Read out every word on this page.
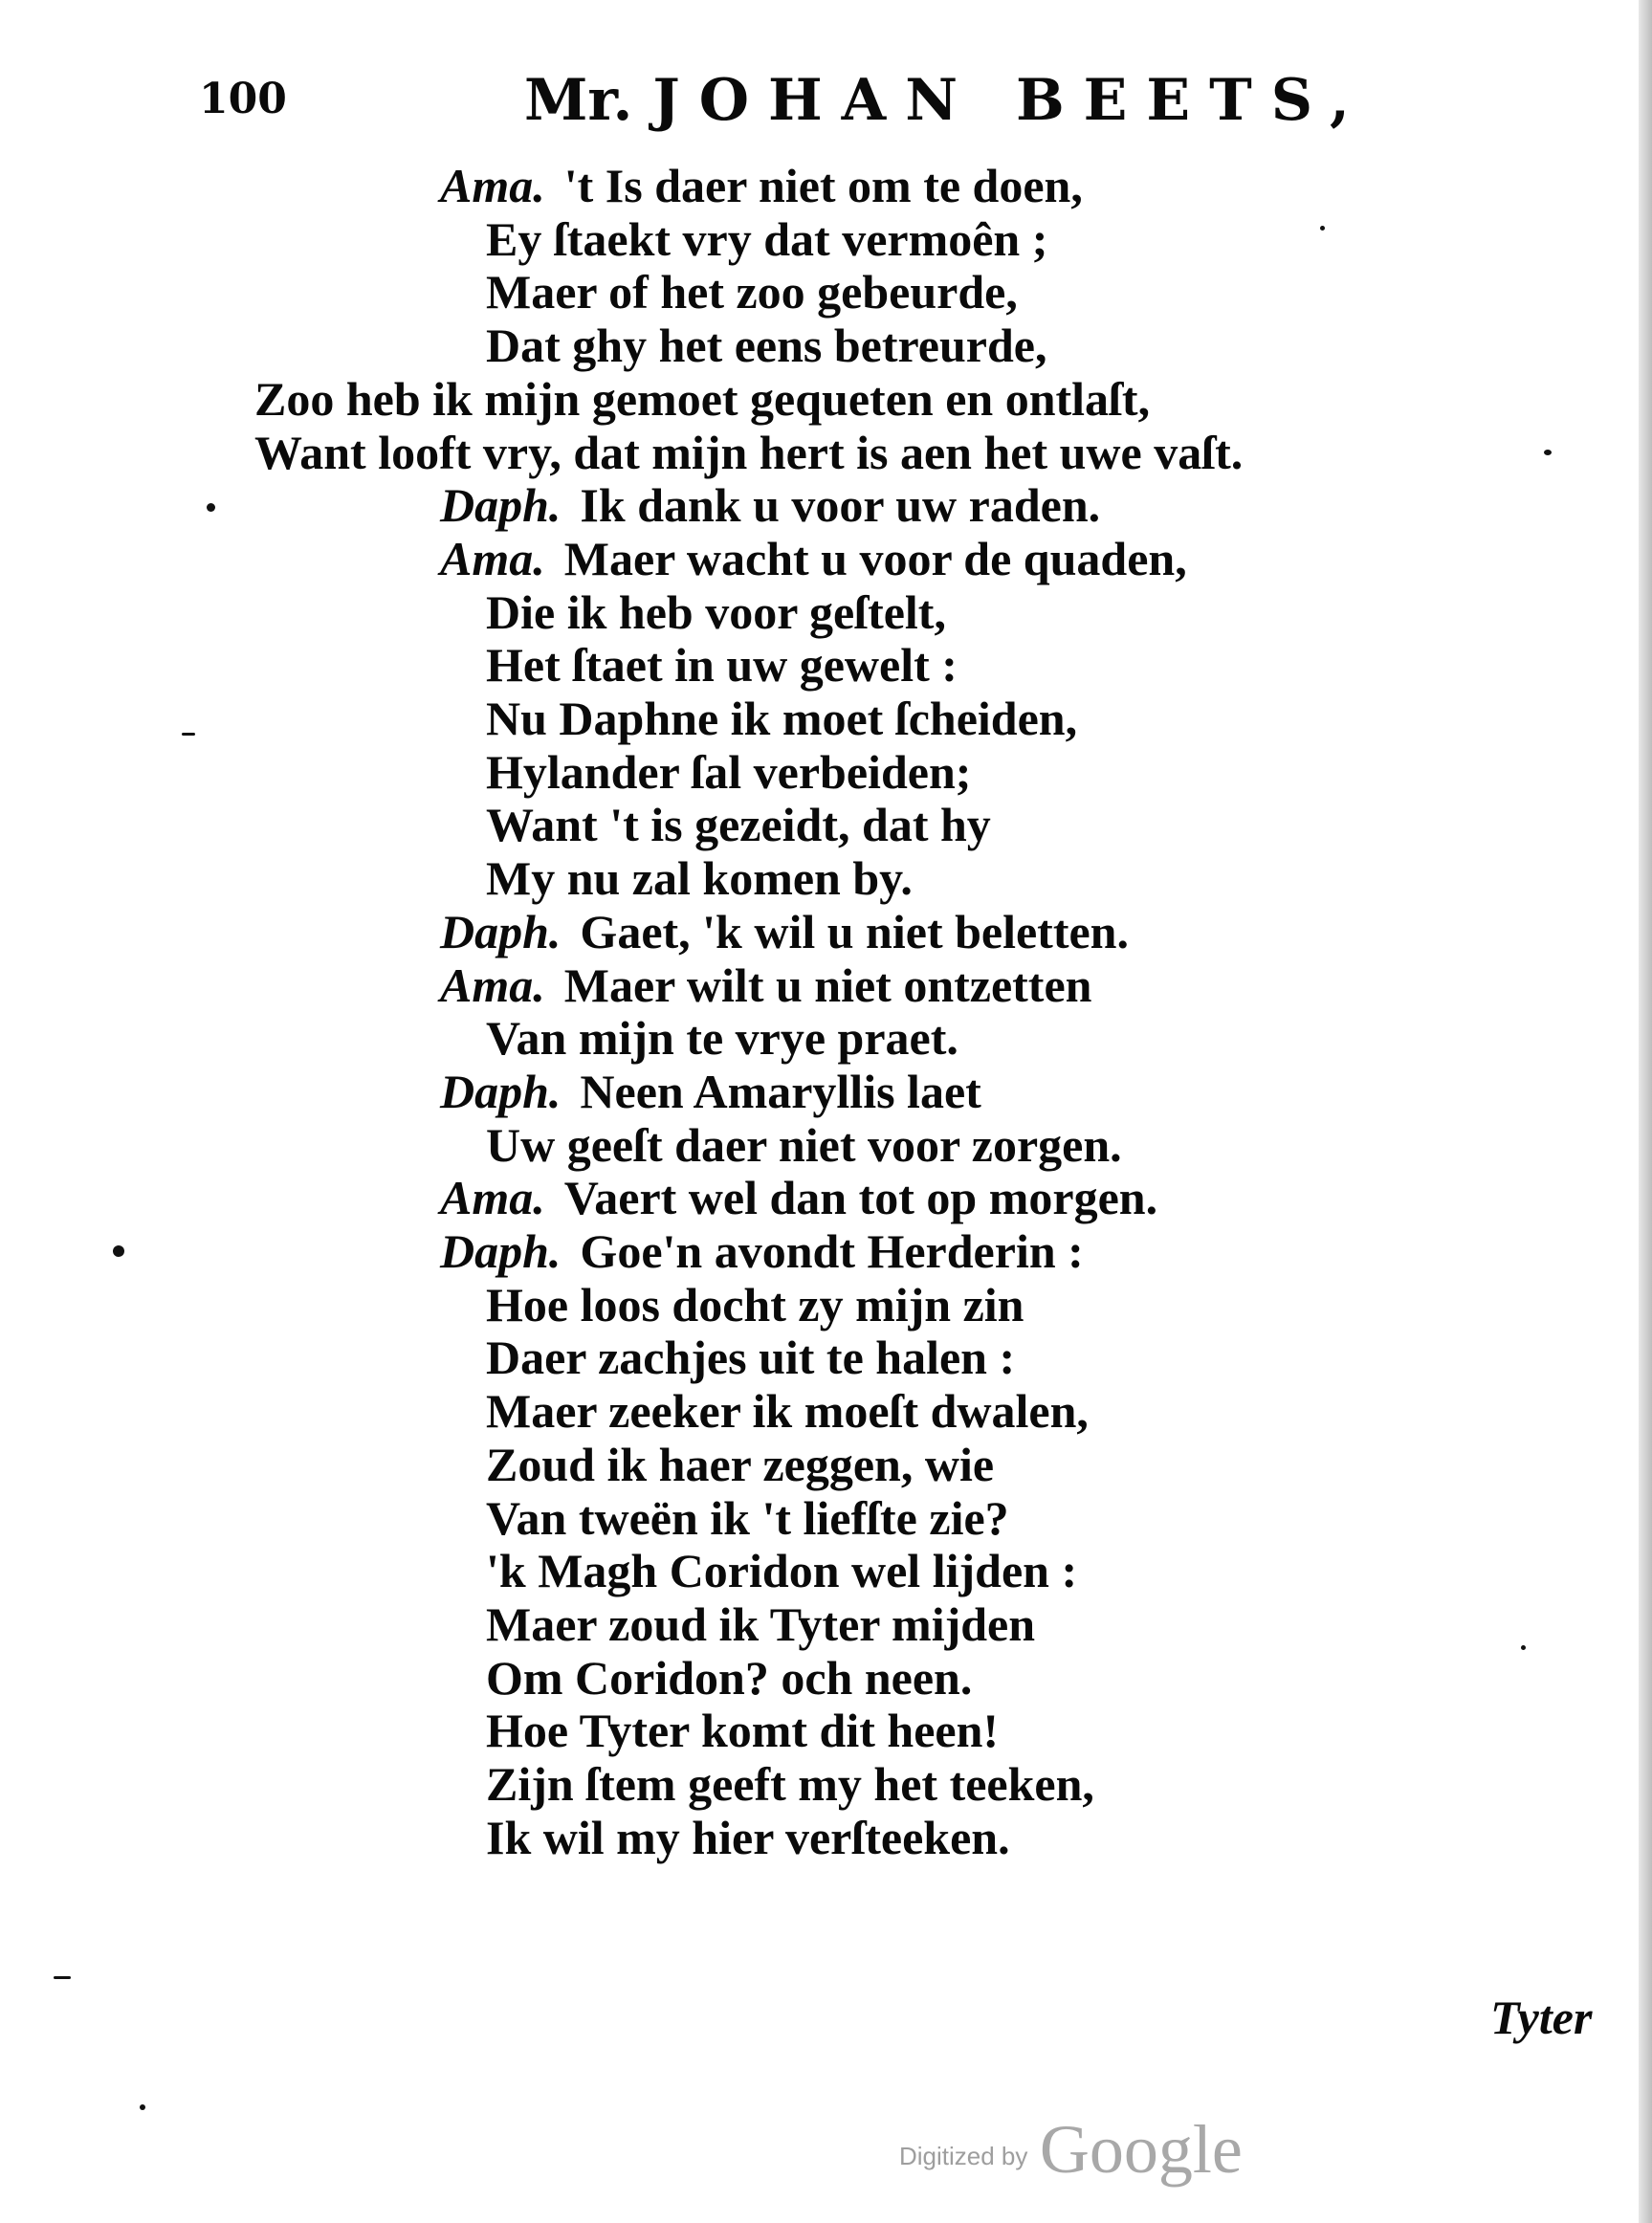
100	Mr. JOHAN BEETS,
Ama. 't Is daer niet om te doen,
Ey ſtaekt vry dat vermoên ;
Maer of het zoo gebeurde,
Dat ghy het eens betreurde,
Zoo heb ik mijn gemoet gequeten en ontlaſt,
Want looft vry, dat mijn hert is aen het uwe vaſt.
Daph. Ik dank u voor uw raden.
Ama. Maer wacht u voor de quaden,
Die ik heb voor geſtelt,
Het ſtaet in uw gewelt :
Nu Daphne ik moet ſcheiden,
Hylander ſal verbeiden;
Want 't is gezeidt, dat hy
My nu zal komen by.
Daph. Gaet, 'k wil u niet beletten.
Ama. Maer wilt u niet ontzetten
Van mijn te vrye praet.
Daph. Neen Amaryllis laet
Uw geeſt daer niet voor zorgen.
Ama. Vaert wel dan tot op morgen.
Daph. Goe'n avondt Herderin :
Hoe loos docht zy mijn zin
Daer zachjes uit te halen :
Maer zeeker ik moeſt dwalen,
Zoud ik haer zeggen, wie
Van tweën ik 't liefſte zie?
'k Magh Coridon wel lijden :
Maer zoud ik Tyter mijden
Om Coridon? och neen.
Hoe Tyter komt dit heen!
Zijn ſtem geeft my het teeken,
Ik wil my hier verſteeken.
Tyter
Digitized by Google
